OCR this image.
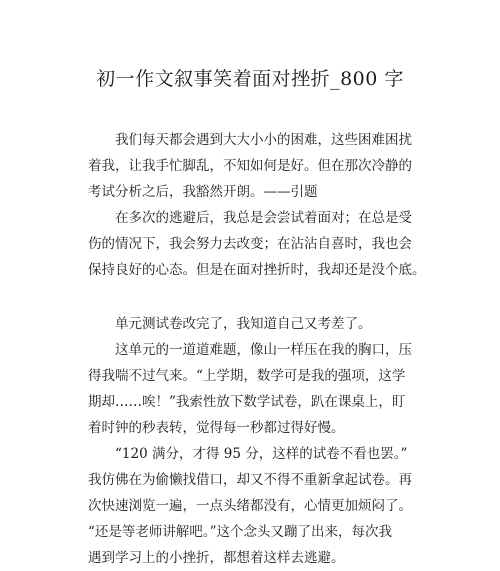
初一作文叙事笑着面对挫折_800 字
我们每天都会遇到大大小小的困难，这些困难困扰
着我，让我手忙脚乱，不知如何是好。但在那次冷静的
考试分析之后，我豁然开朗。——引题
在多次的逃避后，我总是会尝试着面对；在总是受
伤的情况下，我会努力去改变；在沾沾自喜时，我也会
保持良好的心态。但是在面对挫折时，我却还是没个底。
单元测试卷改完了，我知道自己又考差了。
这单元的一道道难题，像山一样压在我的胸口，压
得我喘不过气来。“上学期，数学可是我的强项，这学
期却……唉！”我索性放下数学试卷，趴在课桌上，盯
着时钟的秒表转，觉得每一秒都过得好慢。
“120 满分，才得 95 分，这样的试卷不看也罢。”
我仿佛在为偷懒找借口，却又不得不重新拿起试卷。再
次快速浏览一遍，一点头绪都没有，心情更加烦闷了。
“还是等老师讲解吧。”这个念头又蹦了出来，每次我
遇到学习上的小挫折，都想着这样去逃避。
